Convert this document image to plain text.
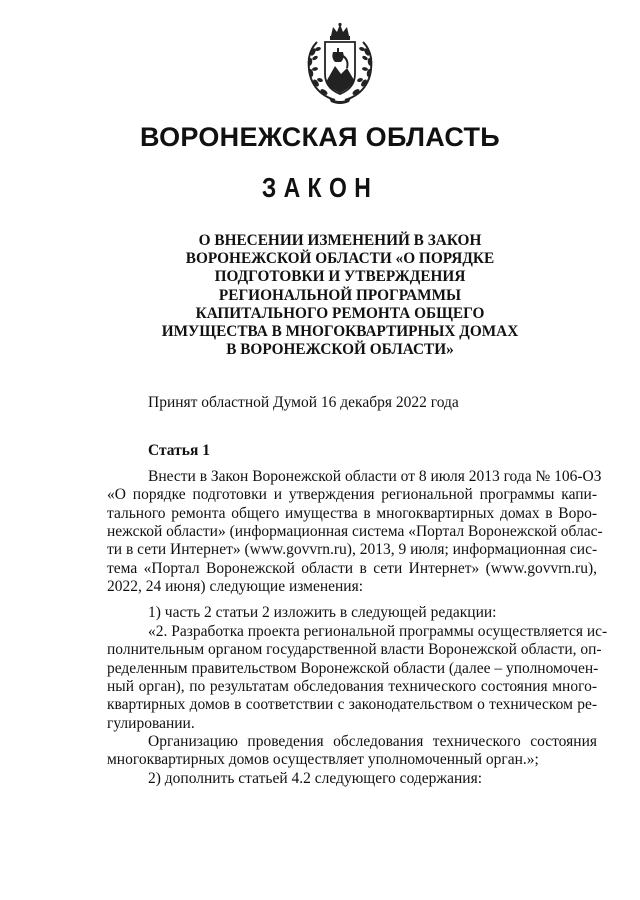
ВОРОНЕЖСКАЯ ОБЛАСТЬ
ЗАКОН
О ВНЕСЕНИИ ИЗМЕНЕНИЙ В ЗАКОН
ВОРОНЕЖСКОЙ ОБЛАСТИ «О ПОРЯДКЕ
ПОДГОТОВКИ И УТВЕРЖДЕНИЯ
РЕГИОНАЛЬНОЙ ПРОГРАММЫ
КАПИТАЛЬНОГО РЕМОНТА ОБЩЕГО
ИМУЩЕСТВА В МНОГОКВАРТИРНЫХ ДОМАХ
В ВОРОНЕЖСКОЙ ОБЛАСТИ»
Принят областной Думой 16 декабря 2022 года
Статья 1
Внести в Закон Воронежской области от 8 июля 2013 года № 106-ОЗ
«О порядке подготовки и утверждения региональной программы капи-
тального ремонта общего имущества в многоквартирных домах в Воро-
нежской области» (информационная система «Портал Воронежской облас-
ти в сети Интернет» (www.govvrn.ru), 2013, 9 июля; информационная сис-
тема «Портал Воронежской области в сети Интернет» (www.govvrn.ru),
2022, 24 июня) следующие изменения:
1) часть 2 статьи 2 изложить в следующей редакции:
«2. Разработка проекта региональной программы осуществляется ис-
полнительным органом государственной власти Воронежской области, оп-
ределенным правительством Воронежской области (далее – уполномочен-
ный орган), по результатам обследования технического состояния много-
квартирных домов в соответствии с законодательством о техническом ре-
гулировании.
Организацию проведения обследования технического состояния
многоквартирных домов осуществляет уполномоченный орган.»;
2) дополнить статьей 4.2 следующего содержания:
